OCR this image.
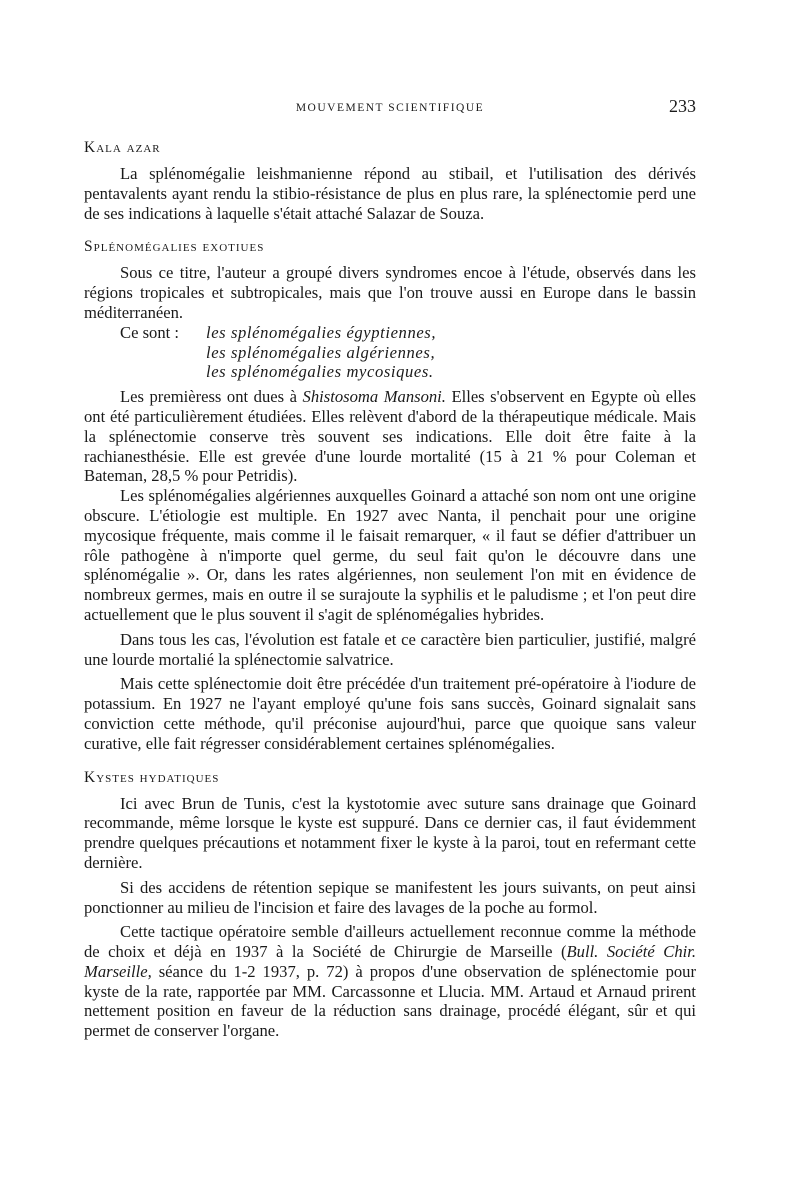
MOUVEMENT SCIENTIFIQUE	233
Kala azar

La splénomégalie leishmanienne répond au stibail, et l'utilisation des dérivés pentavalents ayant rendu la stibio-résistance de plus en plus rare, la splénectomie perd une de ses indications à laquelle s'était attaché Salazar de Souza.

Splénomégalies exotiues

Sous ce titre, l'auteur a groupé divers syndromes encoe à l'étude, observés dans les régions tropicales et subtropicales, mais que l'on trouve aussi en Europe dans le bassin méditerranéen.

Ce sont :	les splénomégalies égyptiennes,
les splénomégalies algériennes,
les splénomégalies mycosiques.

Les premièress ont dues à Shistosoma Mansoni. Elles s'observent en Egypte où elles ont été particulièrement étudiées. Elles relèvent d'abord de la thérapeutique médicale. Mais la splénectomie conserve très souvent ses indications. Elle doit être faite à la rachianesthésie. Elle est grevée d'une lourde mortalité (15 à 21 % pour Coleman et Bateman, 28,5 % pour Petridis).

Les splénomégalies algériennes auxquelles Goinard a attaché son nom ont une origine obscure. L'étiologie est multiple. En 1927 avec Nanta, il penchait pour une origine mycosique fréquente, mais comme il le faisait remarquer, « il faut se défier d'attribuer un rôle pathogène à n'importe quel germe, du seul fait qu'on le découvre dans une splénomégalie ». Or, dans les rates algériennes, non seulement l'on mit en évidence de nombreux germes, mais en outre il se surajoute la syphilis et le paludisme ; et l'on peut dire actuellement que le plus souvent il s'agit de splénomégalies hybrides.

Dans tous les cas, l'évolution est fatale et ce caractère bien particulier, justifié, malgré une lourde mortalié la splénectomie salvatrice.

Mais cette splénectomie doit être précédée d'un traitement pré-opératoire à l'iodure de potassium. En 1927 ne l'ayant employé qu'une fois sans succès, Goinard signalait sans conviction cette méthode, qu'il préconise aujourd'hui, parce que quoique sans valeur curative, elle fait régresser considérablement certaines splénomégalies.

Kystes hydatiques

Ici avec Brun de Tunis, c'est la kystotomie avec suture sans drainage que Goinard recommande, même lorsque le kyste est suppuré. Dans ce dernier cas, il faut évidemment prendre quelques précautions et notamment fixer le kyste à la paroi, tout en refermant cette dernière.

Si des accidens de rétention sepique se manifestent les jours suivants, on peut ainsi ponctionner au milieu de l'incision et faire des lavages de la poche au formol.

Cette tactique opératoire semble d'ailleurs actuellement reconnue comme la méthode de choix et déjà en 1937 à la Société de Chirurgie de Marseille (Bull. Société Chir. Marseille, séance du 1-2 1937, p. 72) à propos d'une observation de splénectomie pour kyste de la rate, rapportée par MM. Carcassonne et Llucia. MM. Artaud et Arnaud prirent nettement position en faveur de la réduction sans drainage, procédé élégant, sûr et qui permet de conserver l'organe.
